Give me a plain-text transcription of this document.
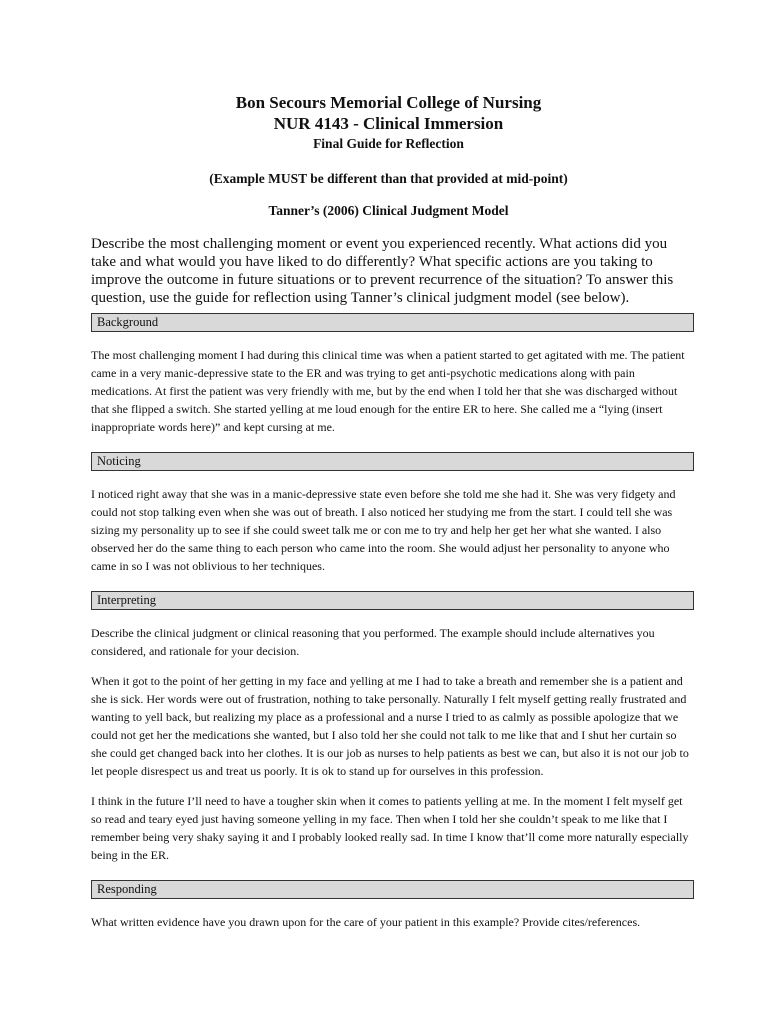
Bon Secours Memorial College of Nursing
NUR 4143 - Clinical Immersion
Final Guide for Reflection
(Example MUST be different than that provided at mid-point)
Tanner’s (2006) Clinical Judgment Model
Describe the most challenging moment or event you experienced recently. What actions did you take and what would you have liked to do differently? What specific actions are you taking to improve the outcome in future situations or to prevent recurrence of the situation? To answer this question, use the guide for reflection using Tanner’s clinical judgment model (see below).
Background
The most challenging moment I had during this clinical time was when a patient started to get agitated with me. The patient came in a very manic-depressive state to the ER and was trying to get anti-psychotic medications along with pain medications. At first the patient was very friendly with me, but by the end when I told her that she was discharged without that she flipped a switch. She started yelling at me loud enough for the entire ER to here. She called me a “lying (insert inappropriate words here)” and kept cursing at me.
Noticing
I noticed right away that she was in a manic-depressive state even before she told me she had it. She was very fidgety and could not stop talking even when she was out of breath. I also noticed her studying me from the start. I could tell she was sizing my personality up to see if she could sweet talk me or con me to try and help her get her what she wanted. I also observed her do the same thing to each person who came into the room. She would adjust her personality to anyone who came in so I was not oblivious to her techniques.
Interpreting
Describe the clinical judgment or clinical reasoning that you performed. The example should include alternatives you considered, and rationale for your decision.
When it got to the point of her getting in my face and yelling at me I had to take a breath and remember she is a patient and she is sick. Her words were out of frustration, nothing to take personally. Naturally I felt myself getting really frustrated and wanting to yell back, but realizing my place as a professional and a nurse I tried to as calmly as possible apologize that we could not get her the medications she wanted, but I also told her she could not talk to me like that and I shut her curtain so she could get changed back into her clothes. It is our job as nurses to help patients as best we can, but also it is not our job to let people disrespect us and treat us poorly. It is ok to stand up for ourselves in this profession.
I think in the future I’ll need to have a tougher skin when it comes to patients yelling at me. In the moment I felt myself get so read and teary eyed just having someone yelling in my face. Then when I told her she couldn’t speak to me like that I remember being very shaky saying it and I probably looked really sad. In time I know that’ll come more naturally especially being in the ER.
Responding
What written evidence have you drawn upon for the care of your patient in this example? Provide cites/references.
